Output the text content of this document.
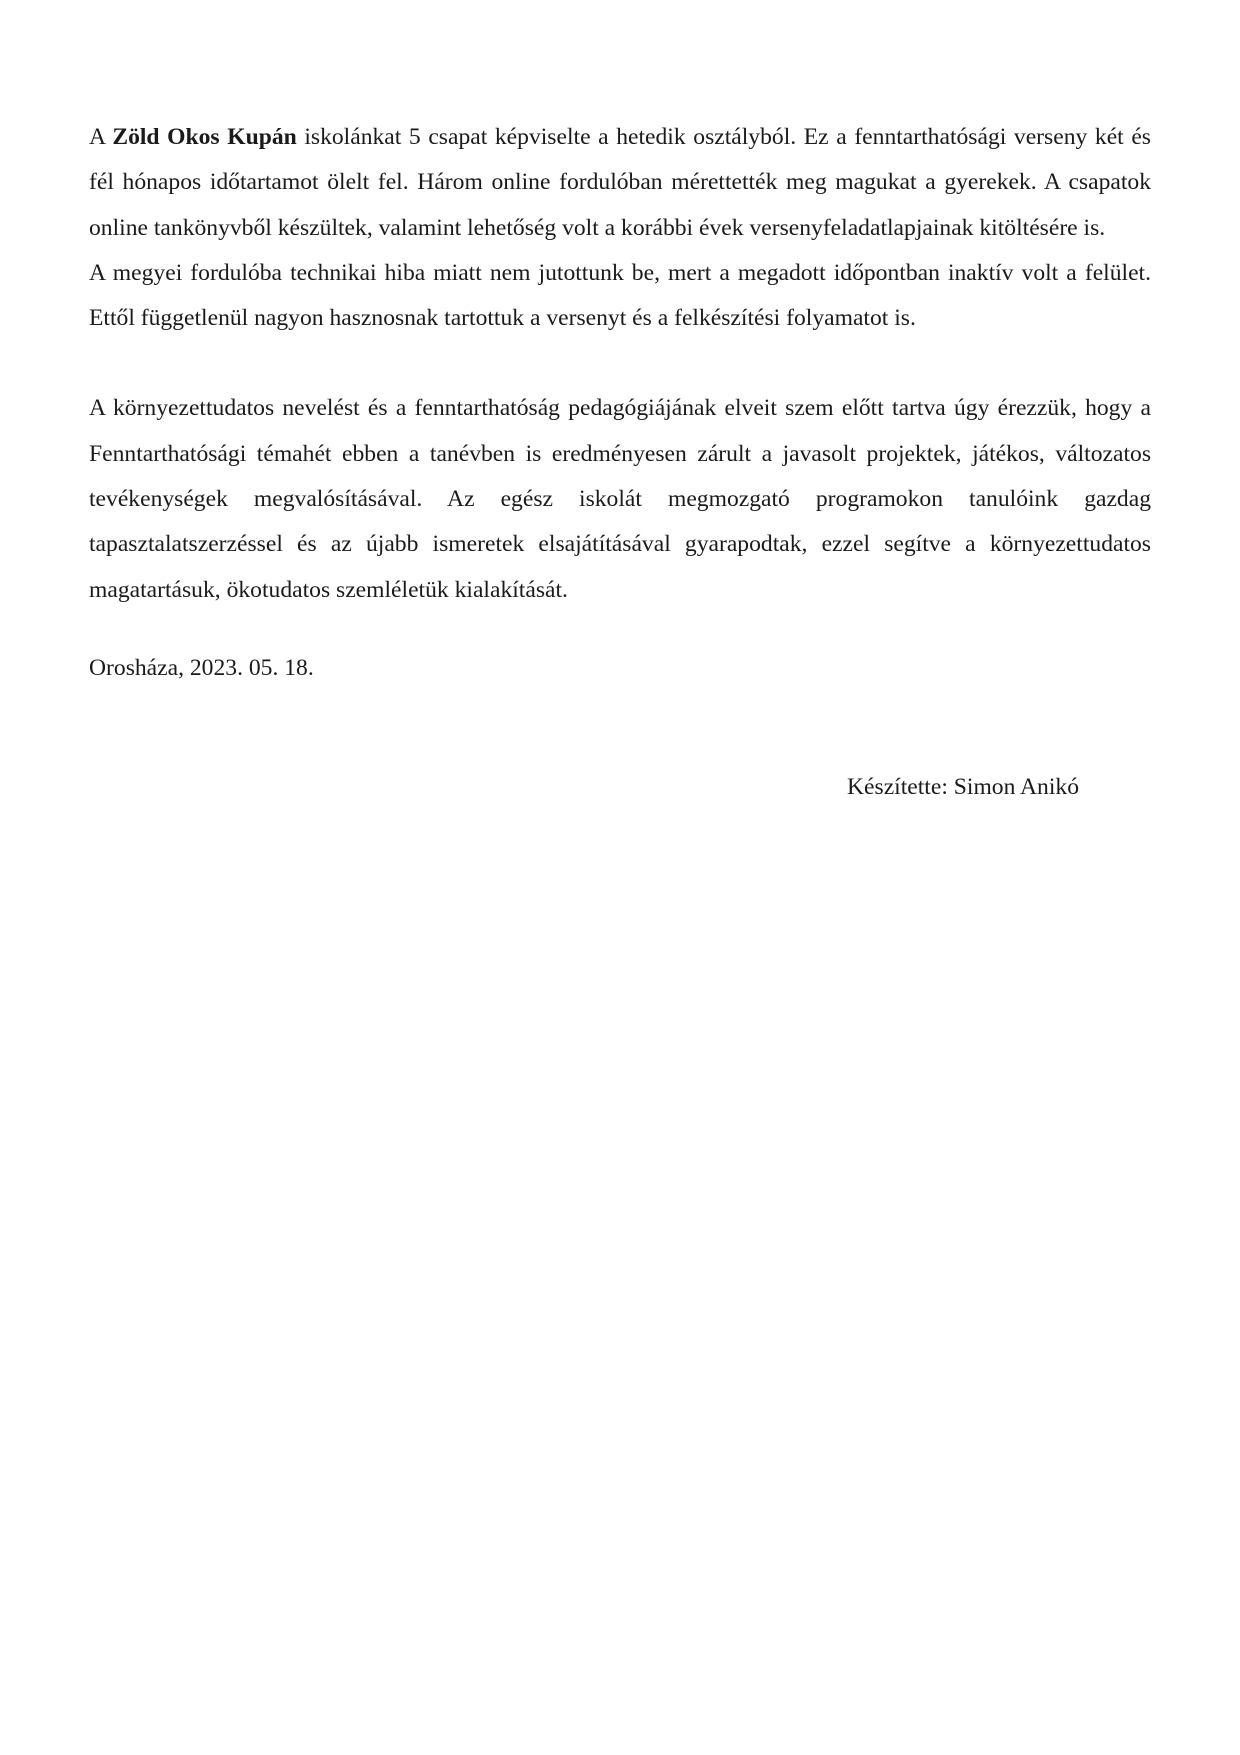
A Zöld Okos Kupán iskolánkat 5 csapat képviselte a hetedik osztályból. Ez a fenntarthatósági verseny két és fél hónapos időtartamot ölelt fel. Három online fordulóban mérettették meg magukat a gyerekek. A csapatok online tankönyvből készültek, valamint lehetőség volt a korábbi évek versenyfeladatlapjainak kitöltésére is.

A megyei fordulóba technikai hiba miatt nem jutottunk be, mert a megadott időpontban inaktív volt a felület. Ettől függetlenül nagyon hasznosnak tartottuk a versenyt és a felkészítési folyamatot is.

A környezettudatos nevelést és a fenntarthatóság pedagógiájának elveit szem előtt tartva úgy érezzük, hogy a Fenntarthatósági témahét ebben a tanévben is eredményesen zárult a javasolt projektek, játékos, változatos tevékenységek megvalósításával. Az egész iskolát megmozgató programokon tanulóink gazdag tapasztalatszerzéssel és az újabb ismeretek elsajátításával gyarapodtak, ezzel segítve a környezettudatos magatartásuk, ökotudatos szemléletük kialakítását.

Orosháza, 2023. 05. 18.

Készítette: Simon Anikó
